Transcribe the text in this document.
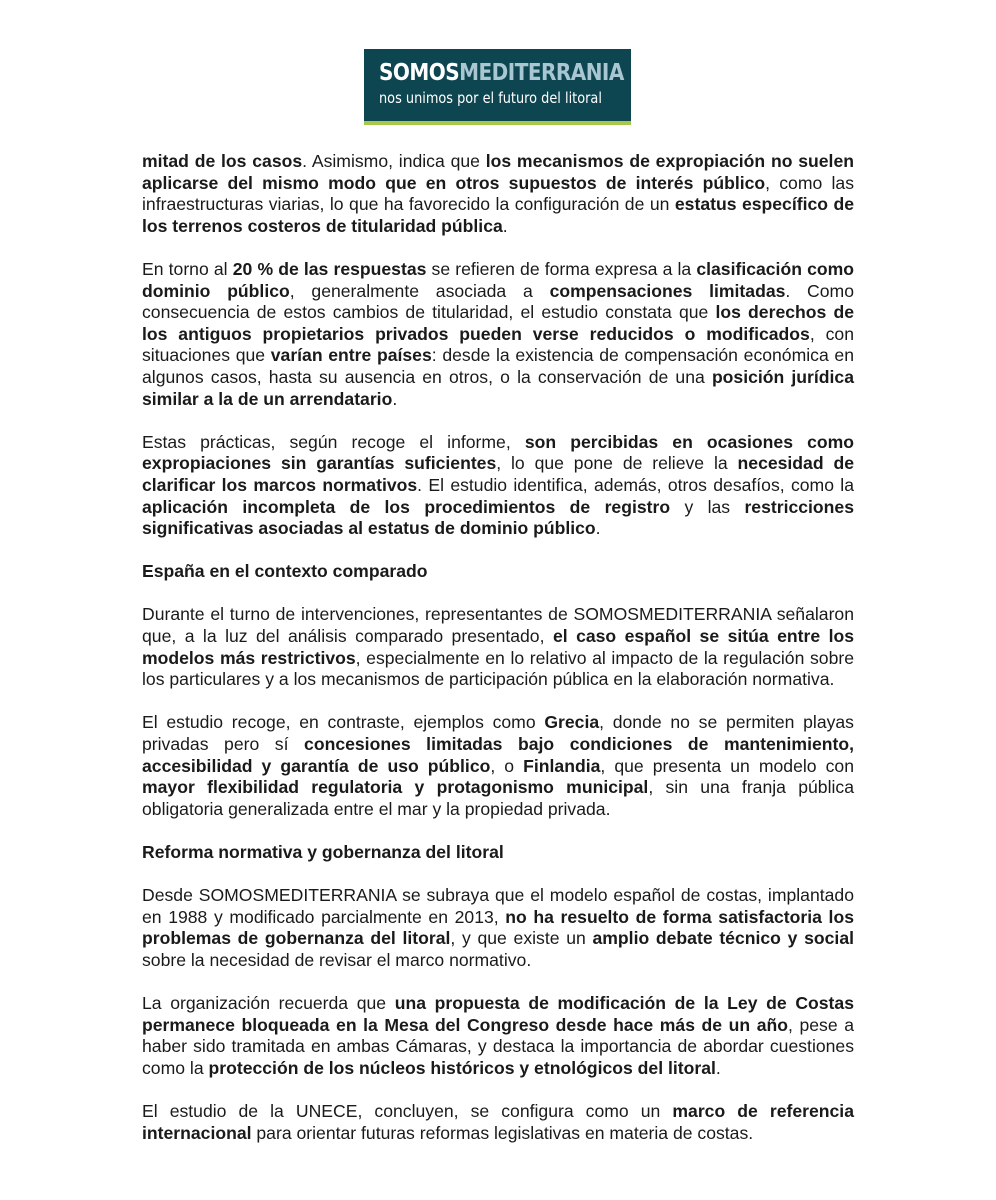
SOMOSMEDITERRANIA
nos unimos por el futuro del litoral

mitad de los casos. Asimismo, indica que los mecanismos de expropiación no suelen aplicarse del mismo modo que en otros supuestos de interés público, como las infraestructuras viarias, lo que ha favorecido la configuración de un estatus específico de los terrenos costeros de titularidad pública.

En torno al 20 % de las respuestas se refieren de forma expresa a la clasificación como dominio público, generalmente asociada a compensaciones limitadas. Como consecuencia de estos cambios de titularidad, el estudio constata que los derechos de los antiguos propietarios privados pueden verse reducidos o modificados, con situaciones que varían entre países: desde la existencia de compensación económica en algunos casos, hasta su ausencia en otros, o la conservación de una posición jurídica similar a la de un arrendatario.

Estas prácticas, según recoge el informe, son percibidas en ocasiones como expropiaciones sin garantías suficientes, lo que pone de relieve la necesidad de clarificar los marcos normativos. El estudio identifica, además, otros desafíos, como la aplicación incompleta de los procedimientos de registro y las restricciones significativas asociadas al estatus de dominio público.

España en el contexto comparado

Durante el turno de intervenciones, representantes de SOMOSMEDITERRANIA señalaron que, a la luz del análisis comparado presentado, el caso español se sitúa entre los modelos más restrictivos, especialmente en lo relativo al impacto de la regulación sobre los particulares y a los mecanismos de participación pública en la elaboración normativa.

El estudio recoge, en contraste, ejemplos como Grecia, donde no se permiten playas privadas pero sí concesiones limitadas bajo condiciones de mantenimiento, accesibilidad y garantía de uso público, o Finlandia, que presenta un modelo con mayor flexibilidad regulatoria y protagonismo municipal, sin una franja pública obligatoria generalizada entre el mar y la propiedad privada.

Reforma normativa y gobernanza del litoral

Desde SOMOSMEDITERRANIA se subraya que el modelo español de costas, implantado en 1988 y modificado parcialmente en 2013, no ha resuelto de forma satisfactoria los problemas de gobernanza del litoral, y que existe un amplio debate técnico y social sobre la necesidad de revisar el marco normativo.

La organización recuerda que una propuesta de modificación de la Ley de Costas permanece bloqueada en la Mesa del Congreso desde hace más de un año, pese a haber sido tramitada en ambas Cámaras, y destaca la importancia de abordar cuestiones como la protección de los núcleos históricos y etnológicos del litoral.

El estudio de la UNECE, concluyen, se configura como un marco de referencia internacional para orientar futuras reformas legislativas en materia de costas.
